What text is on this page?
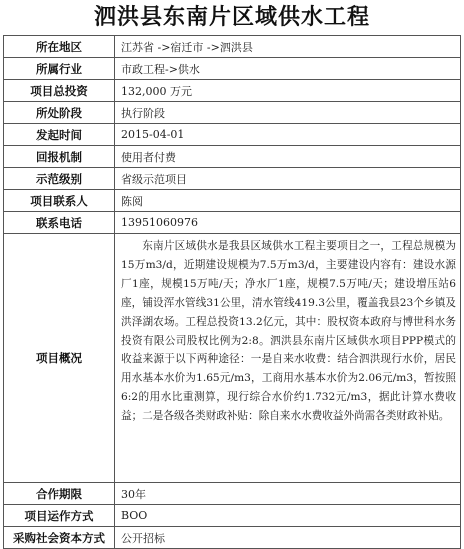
泗洪县东南片区域供水工程
所在地区	江苏省 ->宿迁市 ->泗洪县
所属行业	市政工程->供水
项目总投资	132,000 万元
所处阶段	执行阶段
发起时间	2015-04-01
回报机制	使用者付费
示范级别	省级示范项目
项目联系人	陈阅
联系电话	13951060976
项目概况	东南片区域供水是我县区域供水工程主要项目之一，工程总规模为15万m3/d，近期建设规模为7.5万m3/d，主要建设内容有：建设水源厂1座，规模15万吨/天；净水厂1座，规模7.5万吨/天；建设增压站6座，铺设浑水管线31公里，清水管线419.3公里，覆盖我县23个乡镇及洪泽湖农场。工程总投资13.2亿元，其中：股权资本政府与博世科水务投资有限公司股权比例为2:8。泗洪县东南片区域供水项目PPP模式的收益来源于以下两种途径：一是自来水收费：结合泗洪现行水价，居民用水基本水价为1.65元/m3，工商用水基本水价为2.06元/m3，暂按照6:2的用水比重测算，现行综合水价约1.732元/m3，据此计算水费收益；二是各级各类财政补贴：除自来水水费收益外尚需各类财政补贴。
合作期限	30年
项目运作方式	BOO
采购社会资本方式	公开招标
